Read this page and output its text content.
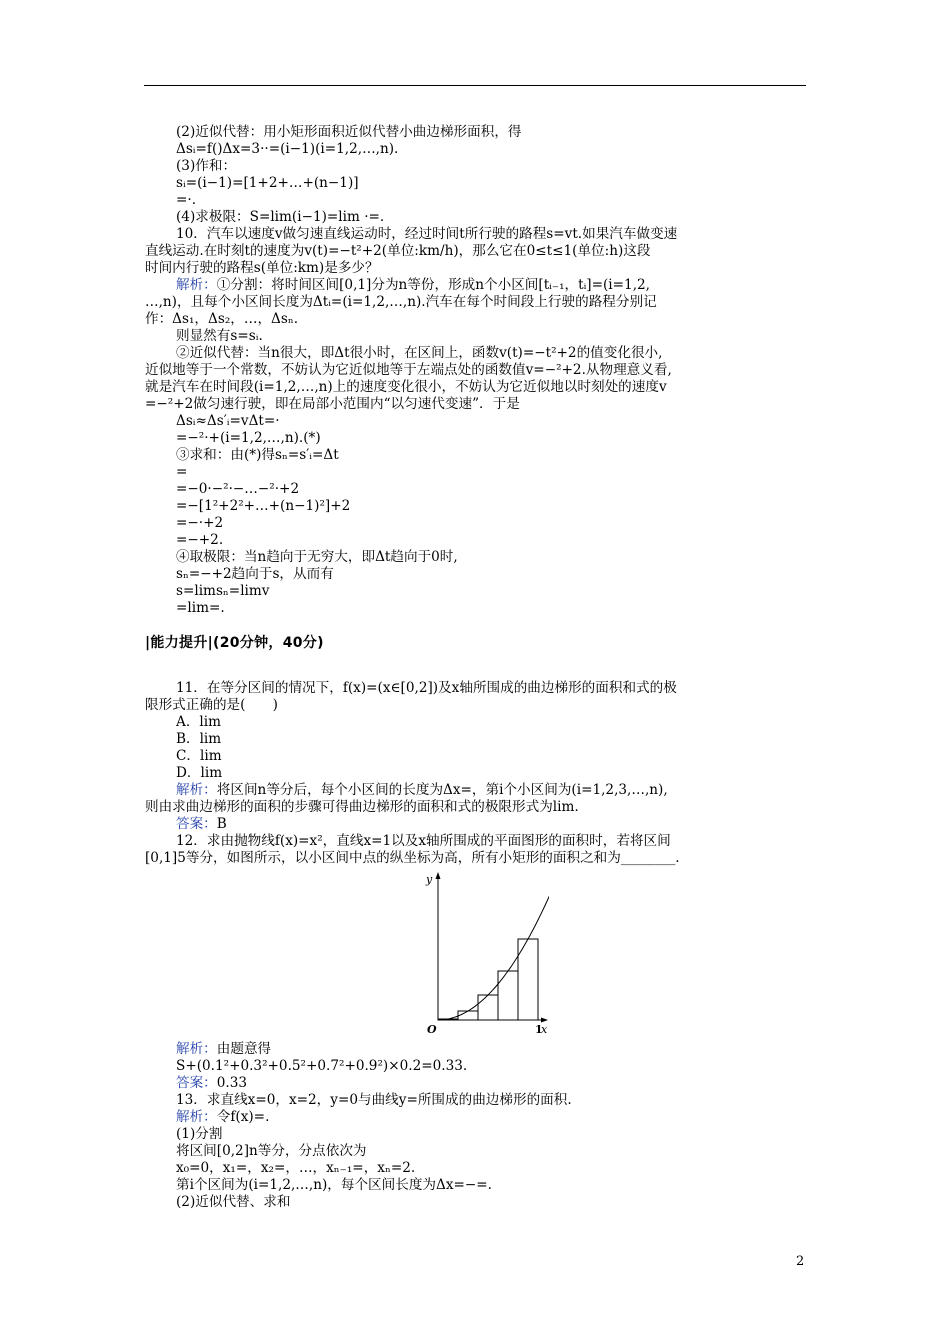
(2)近似代替：用小矩形面积近似代替小曲边梯形面积，得
Δsᵢ=f()Δx=3··=(i−1)(i=1,2,…,n).
(3)作和：
sᵢ=(i−1)=[1+2+…+(n−1)]
=·.
(4)求极限：S=lim(i−1)=lim ·=.
10．汽车以速度v做匀速直线运动时，经过时间t所行驶的路程s=vt.如果汽车做变速
直线运动.在时刻t的速度为v(t)=−t²+2(单位:km/h)，那么它在0≤t≤1(单位:h)这段
时间内行驶的路程s(单位:km)是多少？
解析：①分割：将时间区间[0,1]分为n等份，形成n个小区间[tᵢ₋₁，tᵢ]=(i=1,2,
…,n)，且每个小区间长度为Δtᵢ=(i=1,2,…,n).汽车在每个时间段上行驶的路程分别记
作：Δs₁，Δs₂，…，Δsₙ.
则显然有s=sᵢ.
②近似代替：当n很大，即Δt很小时，在区间上，函数v(t)=−t²+2的值变化很小,
近似地等于一个常数，不妨认为它近似地等于左端点处的函数值v=−²+2.从物理意义看,
就是汽车在时间段(i=1,2,…,n)上的速度变化很小，不妨认为它近似地以时刻处的速度v
=−²+2做匀速行驶，即在局部小范围内“以匀速代变速”．于是
Δsᵢ≈Δs′ᵢ=vΔt=·
=−²·+(i=1,2,…,n).(*)
③求和：由(*)得sₙ=s′ᵢ=Δt
=
=−0·−²·−…−²·+2
=−[1²+2²+…+(n−1)²]+2
=−·+2
=−+2.
④取极限：当n趋向于无穷大，即Δt趋向于0时,
sₙ=−+2趋向于s，从而有
s=limsₙ=limv
=lim=.
|能力提升|(20分钟，40分)
11．在等分区间的情况下，f(x)=(x∈[0,2])及x轴所围成的曲边梯形的面积和式的极
限形式正确的是(　　)
A．lim
B．lim
C．lim
D．lim
解析：将区间n等分后，每个小区间的长度为Δx=，第i个小区间为(i=1,2,3,…,n),
则由求曲边梯形的面积的步骤可得曲边梯形的面积和式的极限形式为lim.
答案：B
12．求由抛物线f(x)=x²，直线x=1以及x轴所围成的平面图形的面积时，若将区间
[0,1]5等分，如图所示，以小区间中点的纵坐标为高，所有小矩形的面积之和为________.
y
O	1
x
解析：由题意得
S+(0.1²+0.3²+0.5²+0.7²+0.9²)×0.2=0.33.
答案：0.33
13．求直线x=0，x=2，y=0与曲线y=所围成的曲边梯形的面积.
解析：令f(x)=.
(1)分割
将区间[0,2]n等分，分点依次为
x₀=0，x₁=，x₂=，…，xₙ₋₁=，xₙ=2.
第i个区间为(i=1,2,…,n)，每个区间长度为Δx=−=.
(2)近似代替、求和
2
